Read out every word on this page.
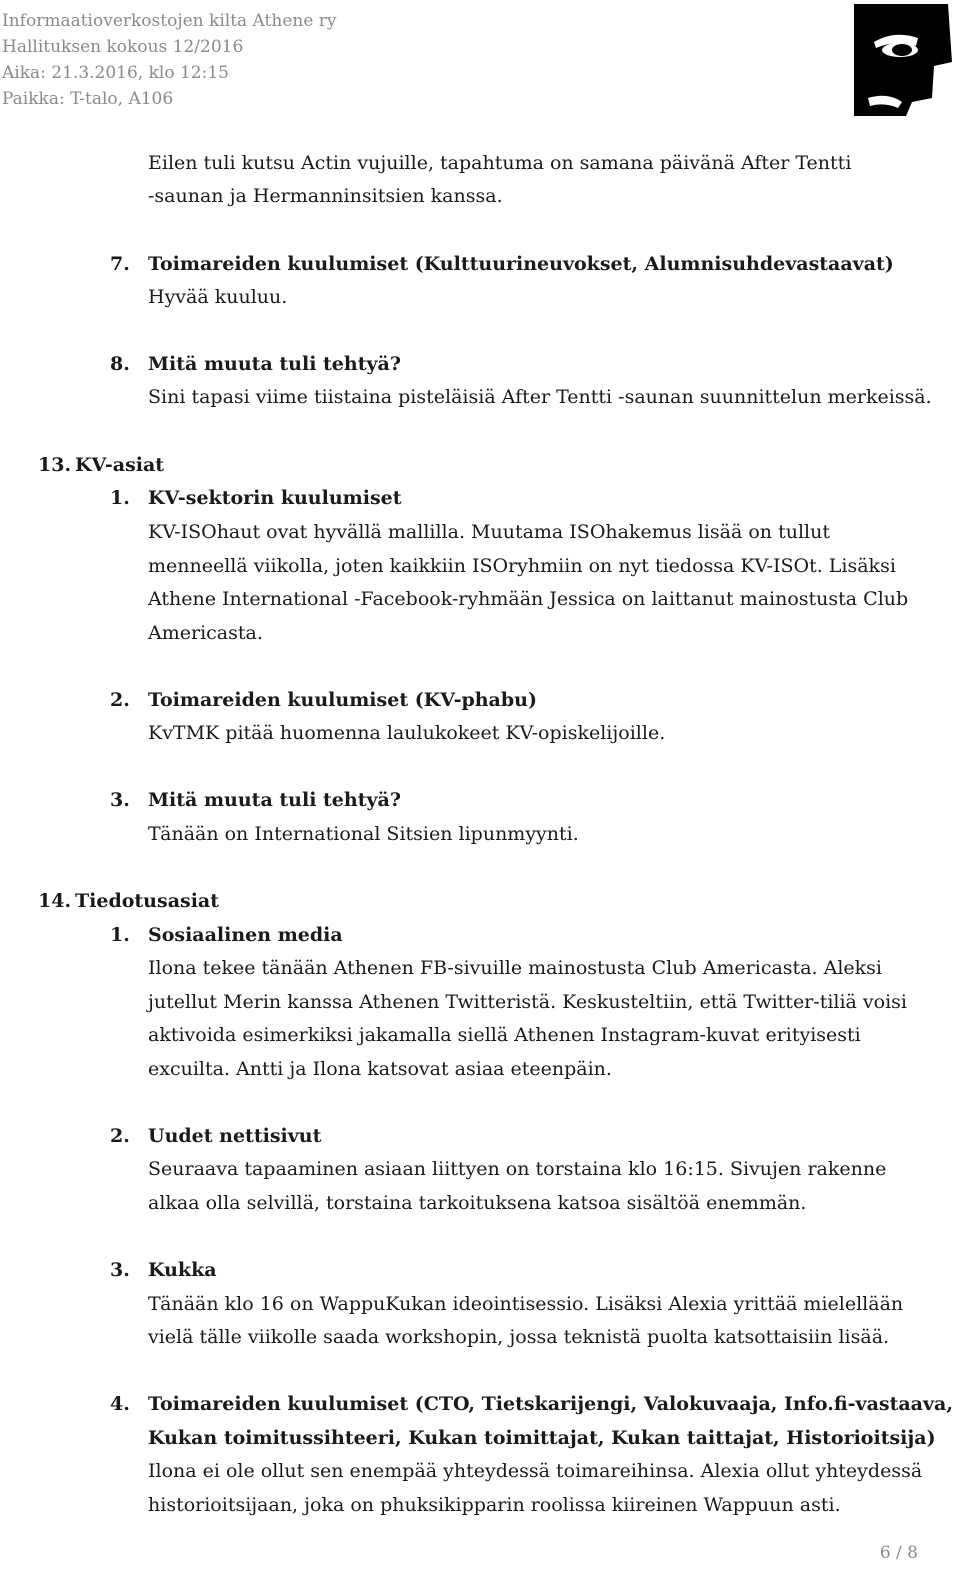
Informaatioverkostojen kilta Athene ry
Hallituksen kokous 12/2016
Aika: 21.3.2016, klo 12:15
Paikka: T-talo, A106
Eilen tuli kutsu Actin vujuille, tapahtuma on samana päivänä After Tentti
-saunan ja Hermanninsitsien kanssa.
7. Toimareiden kuulumiset (Kulttuurineuvokset, Alumnisuhdevastaavat)
Hyvää kuuluu.
8. Mitä muuta tuli tehtyä?
Sini tapasi viime tiistaina pisteläisiä After Tentti -saunan suunnittelun merkeissä.
13. KV-asiat
1. KV-sektorin kuulumiset
KV-ISOhaut ovat hyvällä mallilla. Muutama ISOhakemus lisää on tullut
menneellä viikolla, joten kaikkiin ISOryhmiin on nyt tiedossa KV-ISOt. Lisäksi
Athene International -Facebook-ryhmään Jessica on laittanut mainostusta Club
Americasta.
2. Toimareiden kuulumiset (KV-phabu)
KvTMK pitää huomenna laulukokeet KV-opiskelijoille.
3. Mitä muuta tuli tehtyä?
Tänään on International Sitsien lipunmyynti.
14. Tiedotusasiat
1. Sosiaalinen media
Ilona tekee tänään Athenen FB-sivuille mainostusta Club Americasta. Aleksi
jutellut Merin kanssa Athenen Twitteristä. Keskusteltiin, että Twitter-tiliä voisi
aktivoida esimerkiksi jakamalla siellä Athenen Instagram-kuvat erityisesti
excuilta. Antti ja Ilona katsovat asiaa eteenpäin.
2. Uudet nettisivut
Seuraava tapaaminen asiaan liittyen on torstaina klo 16:15. Sivujen rakenne
alkaa olla selvillä, torstaina tarkoituksena katsoa sisältöä enemmän.
3. Kukka
Tänään klo 16 on WappuKukan ideointisessio. Lisäksi Alexia yrittää mielellään
vielä tälle viikolle saada workshopin, jossa teknistä puolta katsottaisiin lisää.
4. Toimareiden kuulumiset (CTO, Tietskarijengi, Valokuvaaja, Info.fi-vastaava,
Kukan toimitussihteeri, Kukan toimittajat, Kukan taittajat, Historioitsija)
Ilona ei ole ollut sen enempää yhteydessä toimareihinsa. Alexia ollut yhteydessä
historioitsijaan, joka on phuksikipparin roolissa kiireinen Wappuun asti.
6 / 8
